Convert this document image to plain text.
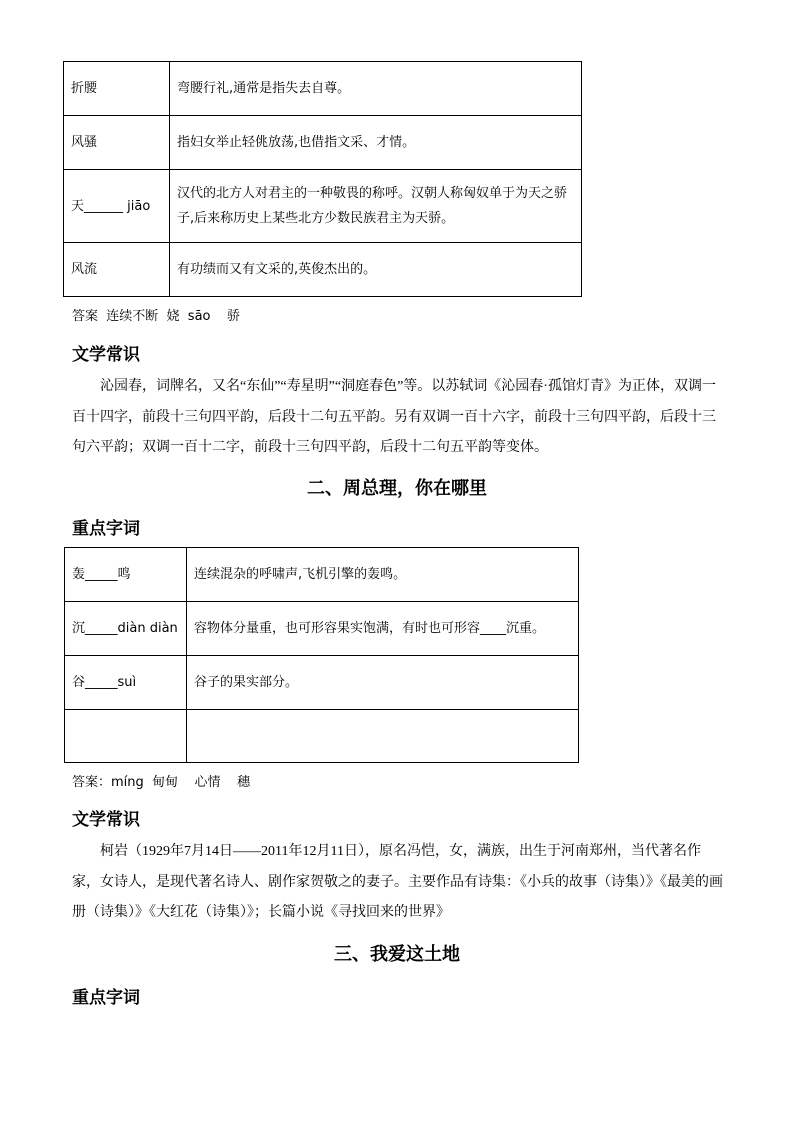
折腰	弯腰行礼,通常是指失去自尊。
风骚	指妇女举止轻佻放荡,也借指文采、才情。
天______ jiāo	汉代的北方人对君主的一种敬畏的称呼。汉朝人称匈奴单于为天之骄子,后来称历史上某些北方少数民族君主为天骄。
风流	有功绩而又有文采的,英俊杰出的。
答案  连续不断  娆  sāo    骄
文学常识
沁园春，词牌名，又名“东仙”“寿星明”“洞庭春色”等。以苏轼词《沁园春·孤馆灯青》为正体，双调一百十四字，前段十三句四平韵，后段十二句五平韵。另有双调一百十六字，前段十三句四平韵，后段十三句六平韵；双调一百十二字，前段十三句四平韵，后段十二句五平韵等变体。
二、周总理，你在哪里
重点字词
轰_____鸣	连续混杂的呼啸声,飞机引擎的轰鸣。
沉_____diàn diàn	容物体分量重，也可形容果实饱满，有时也可形容____沉重。
谷_____suì	谷子的果实部分。

答案：míng  甸甸    心情    穗
文学常识
柯岩（1929年7月14日——2011年12月11日），原名冯恺，女，满族，出生于河南郑州，当代著名作家，女诗人，是现代著名诗人、剧作家贺敬之的妻子。主要作品有诗集：《小兵的故事（诗集）》《最美的画册（诗集）》《大红花（诗集）》；长篇小说《寻找回来的世界》
三、我爱这土地
重点字词
